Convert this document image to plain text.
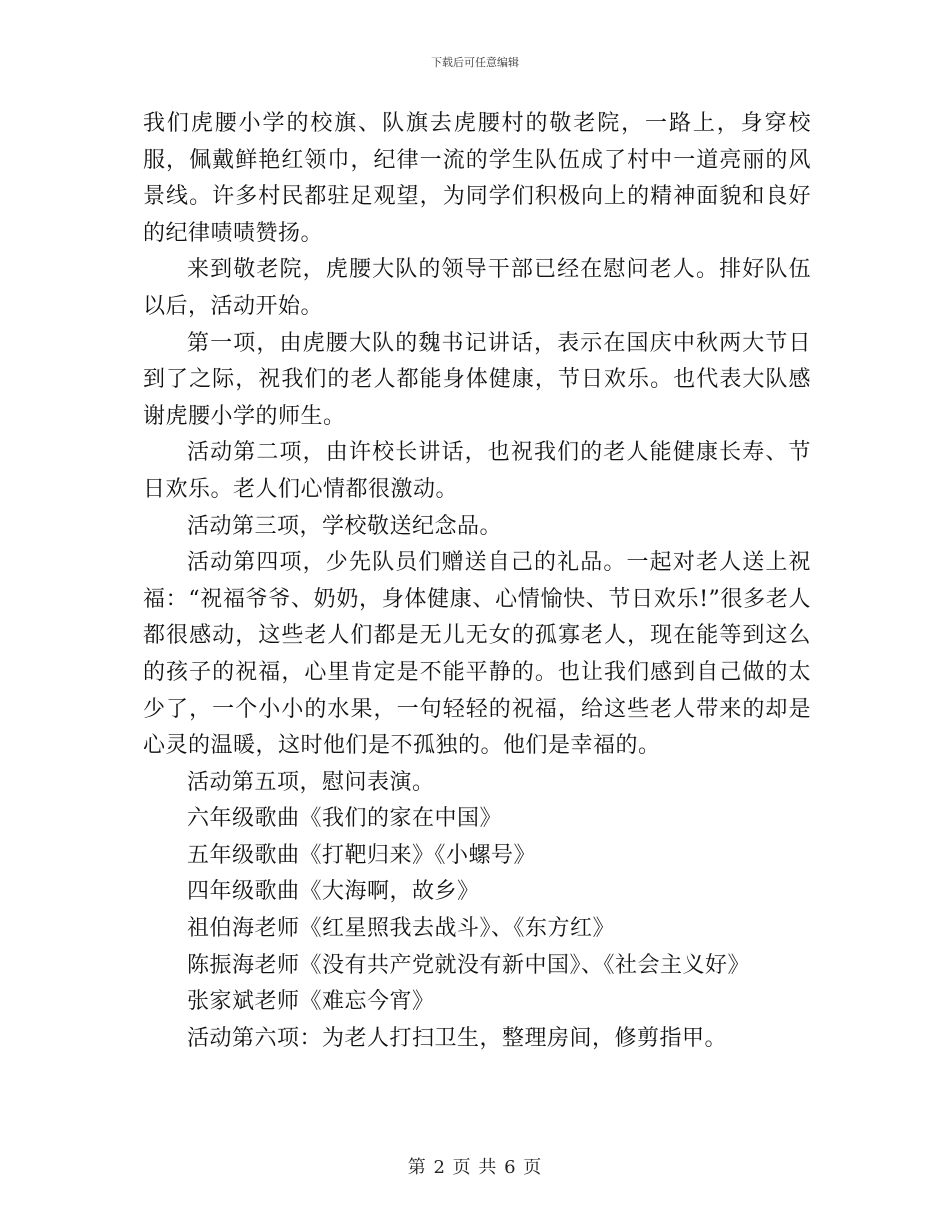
下载后可任意编辑

我们虎腰小学的校旗、队旗去虎腰村的敬老院，一路上，身穿校服，佩戴鲜艳红领巾，纪律一流的学生队伍成了村中一道亮丽的风景线。许多村民都驻足观望，为同学们积极向上的精神面貌和良好的纪律啧啧赞扬。

来到敬老院，虎腰大队的领导干部已经在慰问老人。排好队伍以后，活动开始。

第一项，由虎腰大队的魏书记讲话，表示在国庆中秋两大节日到了之际，祝我们的老人都能身体健康，节日欢乐。也代表大队感谢虎腰小学的师生。

活动第二项，由许校长讲话，也祝我们的老人能健康长寿、节日欢乐。老人们心情都很激动。

活动第三项，学校敬送纪念品。

活动第四项，少先队员们赠送自己的礼品。一起对老人送上祝福：“祝福爷爷、奶奶，身体健康、心情愉快、节日欢乐!”很多老人都很感动，这些老人们都是无儿无女的孤寡老人，现在能等到这么的孩子的祝福，心里肯定是不能平静的。也让我们感到自己做的太少了，一个小小的水果，一句轻轻的祝福，给这些老人带来的却是心灵的温暖，这时他们是不孤独的。他们是幸福的。

活动第五项，慰问表演。

六年级歌曲《我们的家在中国》

五年级歌曲《打靶归来》《小螺号》

四年级歌曲《大海啊，故乡》

祖伯海老师《红星照我去战斗》、《东方红》

陈振海老师《没有共产党就没有新中国》、《社会主义好》

张家斌老师《难忘今宵》

活动第六项：为老人打扫卫生，整理房间，修剪指甲。

第 2 页 共 6 页
